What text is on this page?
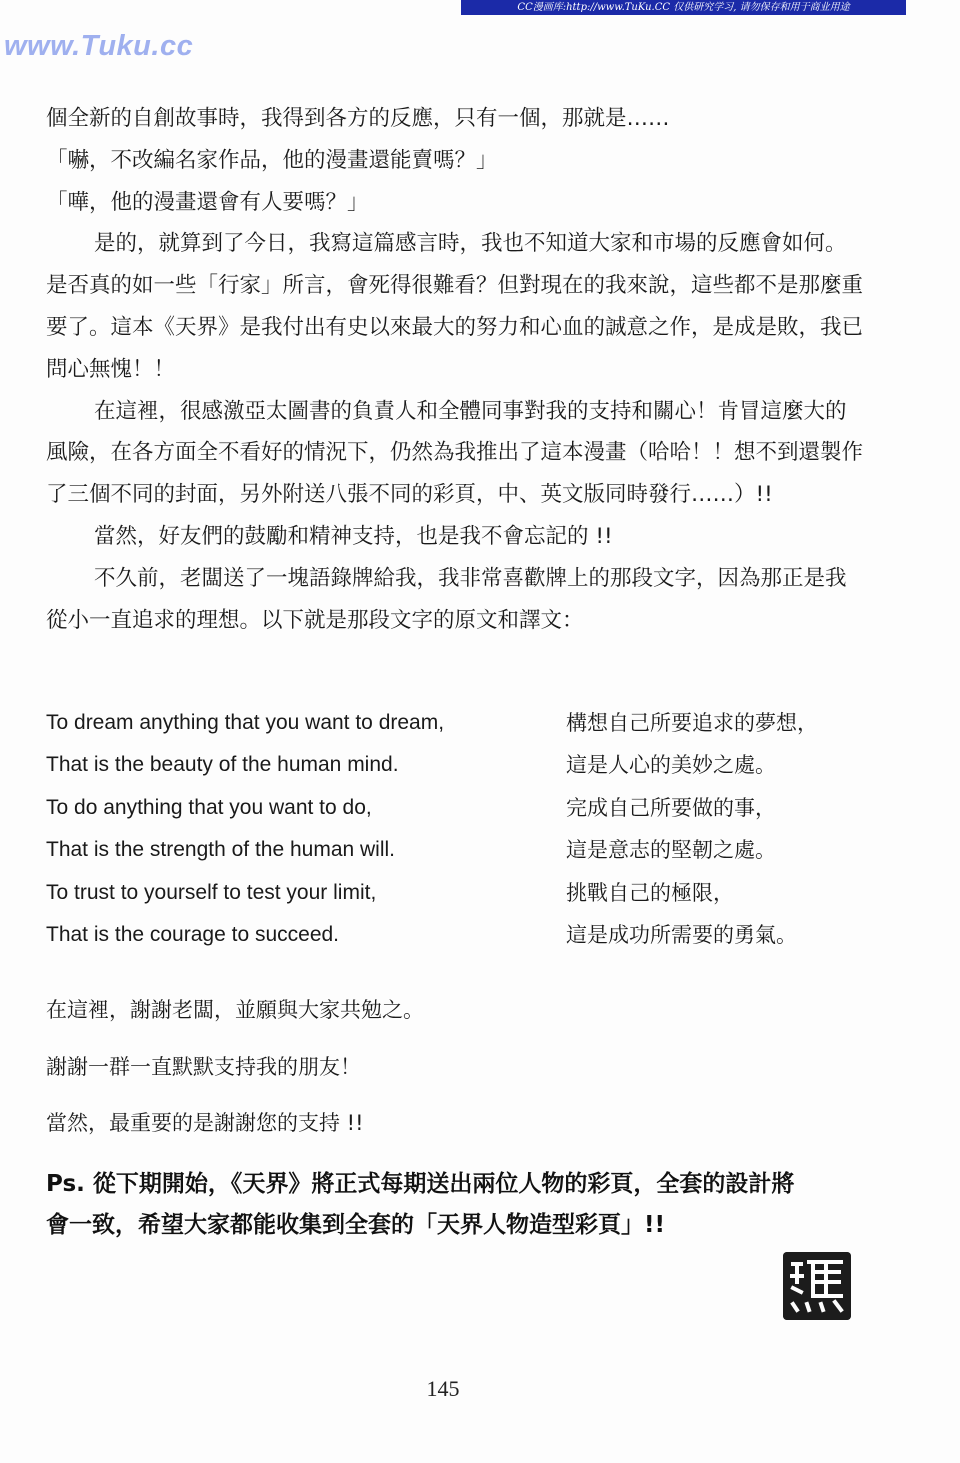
CC漫画库:http://www.TuKu.CC 仅供研究学习, 请勿保存和用于商业用途
www.Tuku.cc

個全新的自創故事時，我得到各方的反應，只有一個，那就是……

「嚇，不改編名家作品，他的漫畫還能賣嗎？」

「嘩，他的漫畫還會有人要嗎？」

是的，就算到了今日，我寫這篇感言時，我也不知道大家和市場的反應會如何。是否真的如一些「行家」所言，會死得很難看？但對現在的我來說，這些都不是那麼重要了。這本《天界》是我付出有史以來最大的努力和心血的誠意之作，是成是敗，我已問心無愧！！

在這裡，很感激亞太圖書的負責人和全體同事對我的支持和關心！肯冒這麼大的風險，在各方面全不看好的情況下，仍然為我推出了這本漫畫（哈哈！！想不到還製作了三個不同的封面，另外附送八張不同的彩頁，中、英文版同時發行……）!!

當然，好友們的鼓勵和精神支持，也是我不會忘記的 !!

不久前，老闆送了一塊語錄牌給我，我非常喜歡牌上的那段文字，因為那正是我從小一直追求的理想。以下就是那段文字的原文和譯文：

To dream anything that you want to dream,
That is the beauty of the human mind.
To do anything that you want to do,
That is the strength of the human will.
To trust to yourself to test your limit,
That is the courage to succeed.
構想自己所要追求的夢想，
這是人心的美妙之處。
完成自己所要做的事，
這是意志的堅韌之處。
挑戰自己的極限，
這是成功所需要的勇氣。

在這裡，謝謝老闆，並願與大家共勉之。

謝謝一群一直默默支持我的朋友！

當然，最重要的是謝謝您的支持 !!

Ps. 從下期開始，《天界》將正式每期送出兩位人物的彩頁，全套的設計將

會一致，希望大家都能收集到全套的「天界人物造型彩頁」!!

145
